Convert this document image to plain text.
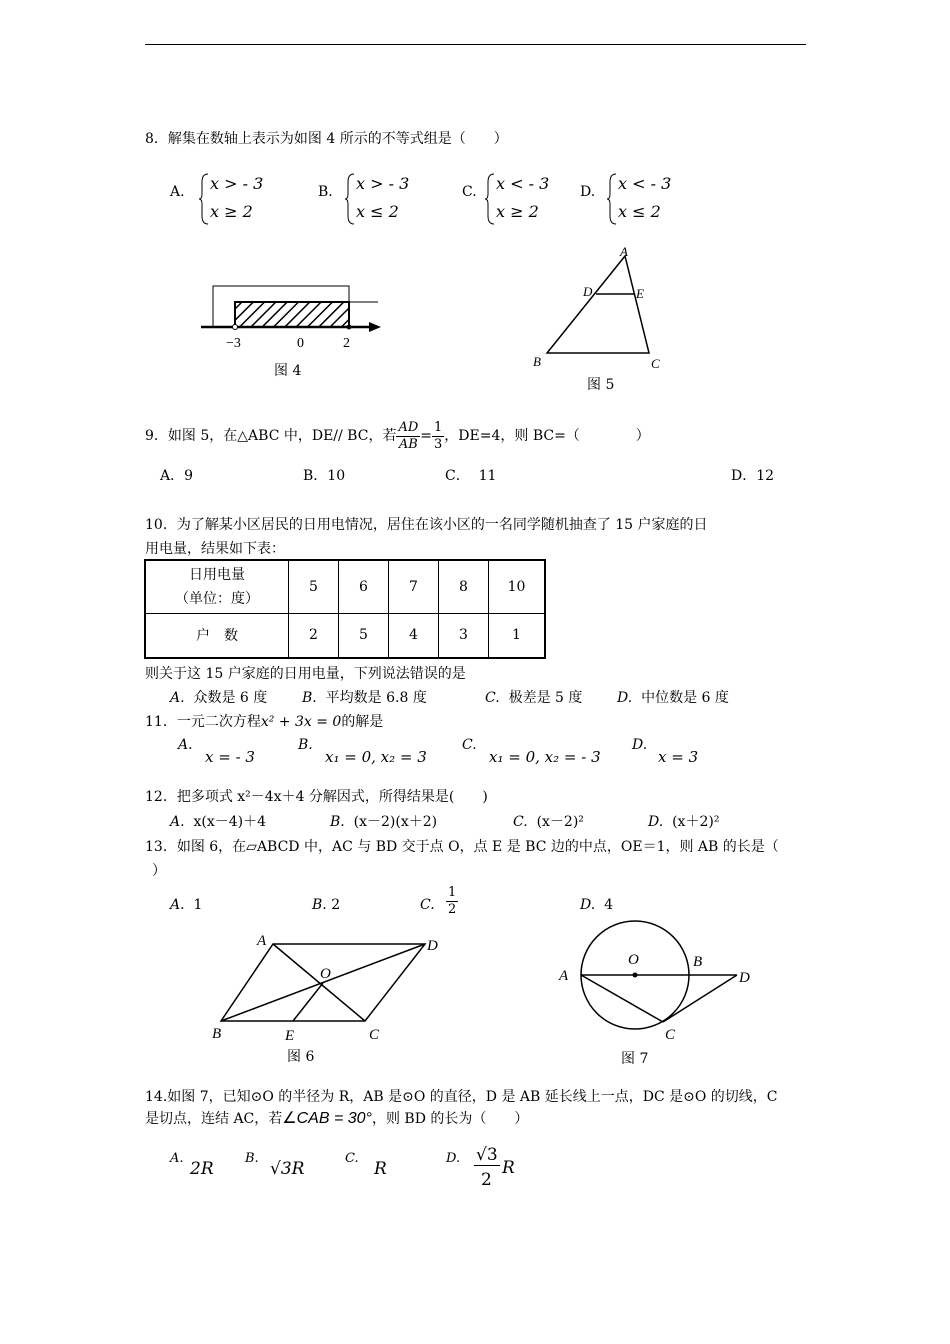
8．解集在数轴上表示为如图 4 所示的不等式组是（　　）
A. x > - 3
x ≥ 2
B. x > - 3
x ≤ 2
C. x < - 3
x ≥ 2
D. x < - 3
x ≤ 2
−3	0	2
图 4
A
D	E
B	C
图 5
9．如图 5，在△ABC 中，DE// BC，若 $\frac{AD}{AB} = \frac{1}{3}$ ，DE=4，则 BC=（　　　　）
A．9	B．10	C． 11	D．12
10．为了解某小区居民的日用电情况，居住在该小区的一名同学随机抽查了 15 户家庭的日
用电量，结果如下表：
日用电量
（单位：度）	5	6	7	8	10
户　数	2	5	4	3	1
则关于这 15 户家庭的日用电量，下列说法错误的是
A. 众数是 6 度 B. 平均数是 6.8 度	C. 极差是 5 度 D. 中位数是 6 度
11．一元二次方程x² + 3x = 0的解是
A.
x = - 3
B.
x₁ = 0, x₂ = 3
C.
x₁ = 0, x₂ = - 3
D.
x = 3
12．把多项式 x²－4x＋4 分解因式，所得结果是(　　)
A. x(x－4)＋4	B. (x－2)(x＋2)	C. (x－2)²	D. (x＋2)²
13．如图 6，在▱ABCD 中，AC 与 BD 交于点 O，点 E 是 BC 边的中点，OE＝1，则 AB 的长是（
）
A. 1	B. 2	C. $\frac{1}{2}$	D. 4
A	D
O
B	E	C
图 6
O	B
A	D
C
图 7
14.如图 7，已知⊙O 的半径为 R，AB 是⊙O 的直径，D 是 AB 延长线上一点，DC 是⊙O 的切线，C
是切点，连结 AC，若∠CAB = 30°，则 BD 的长为（　　）
A.
2R
B.
√3R
C.
R
D. √3
2
R
